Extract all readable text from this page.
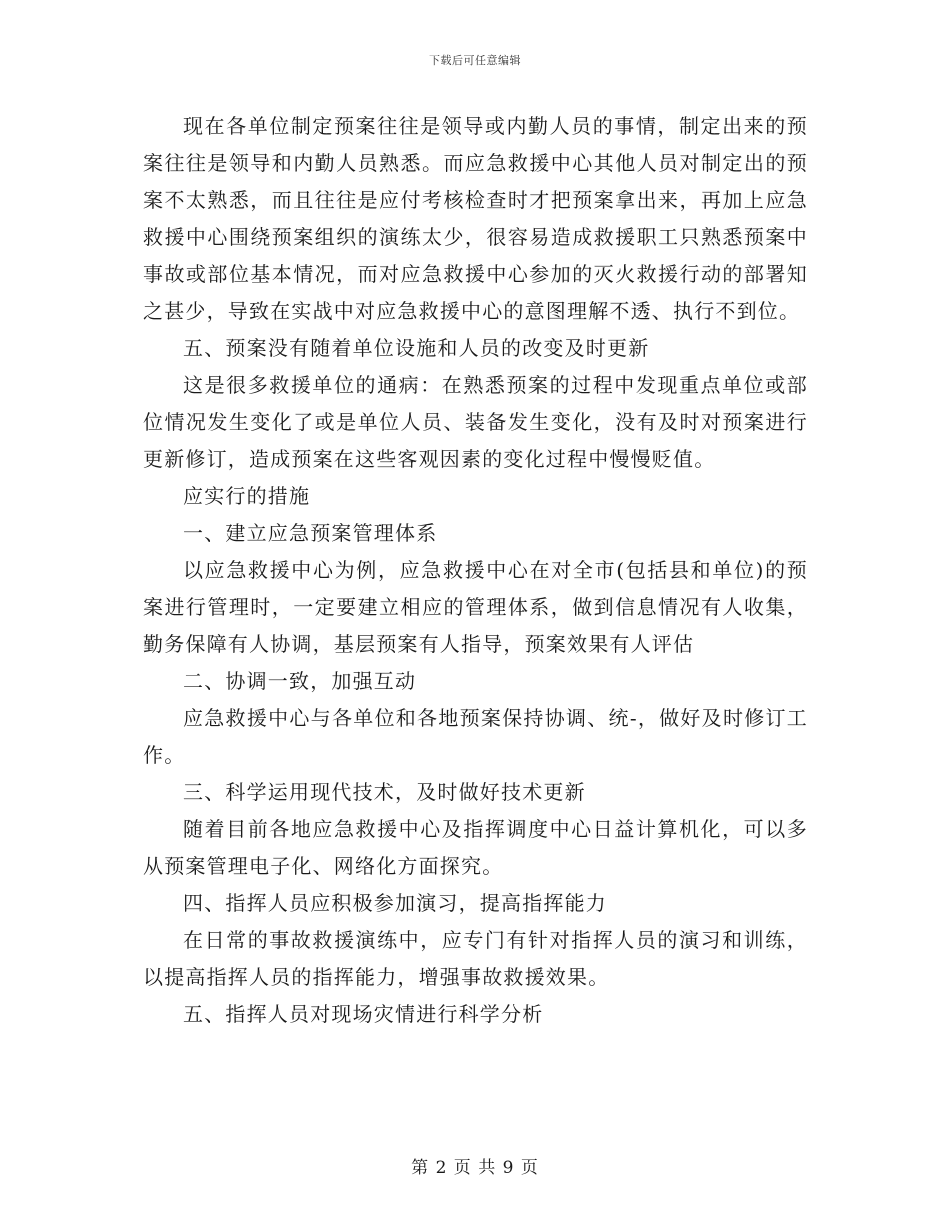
下载后可任意编辑

现在各单位制定预案往往是领导或内勤人员的事情，制定出来的预案往往是领导和内勤人员熟悉。而应急救援中心其他人员对制定出的预案不太熟悉，而且往往是应付考核检查时才把预案拿出来，再加上应急救援中心围绕预案组织的演练太少，很容易造成救援职工只熟悉预案中事故或部位基本情况，而对应急救援中心参加的灭火救援行动的部署知之甚少，导致在实战中对应急救援中心的意图理解不透、执行不到位。

五、预案没有随着单位设施和人员的改变及时更新

这是很多救援单位的通病：在熟悉预案的过程中发现重点单位或部位情况发生变化了或是单位人员、装备发生变化，没有及时对预案进行更新修订，造成预案在这些客观因素的变化过程中慢慢贬值。

应实行的措施

一、建立应急预案管理体系

以应急救援中心为例，应急救援中心在对全市(包括县和单位)的预案进行管理时，一定要建立相应的管理体系，做到信息情况有人收集，勤务保障有人协调，基层预案有人指导，预案效果有人评估

二、协调一致，加强互动

应急救援中心与各单位和各地预案保持协调、统-，做好及时修订工作。

三、科学运用现代技术，及时做好技术更新

随着目前各地应急救援中心及指挥调度中心日益计算机化，可以多从预案管理电子化、网络化方面探究。

四、指挥人员应积极参加演习，提高指挥能力

在日常的事故救援演练中，应专门有针对指挥人员的演习和训练，以提高指挥人员的指挥能力，增强事故救援效果。

五、指挥人员对现场灾情进行科学分析

第 2 页 共 9 页
